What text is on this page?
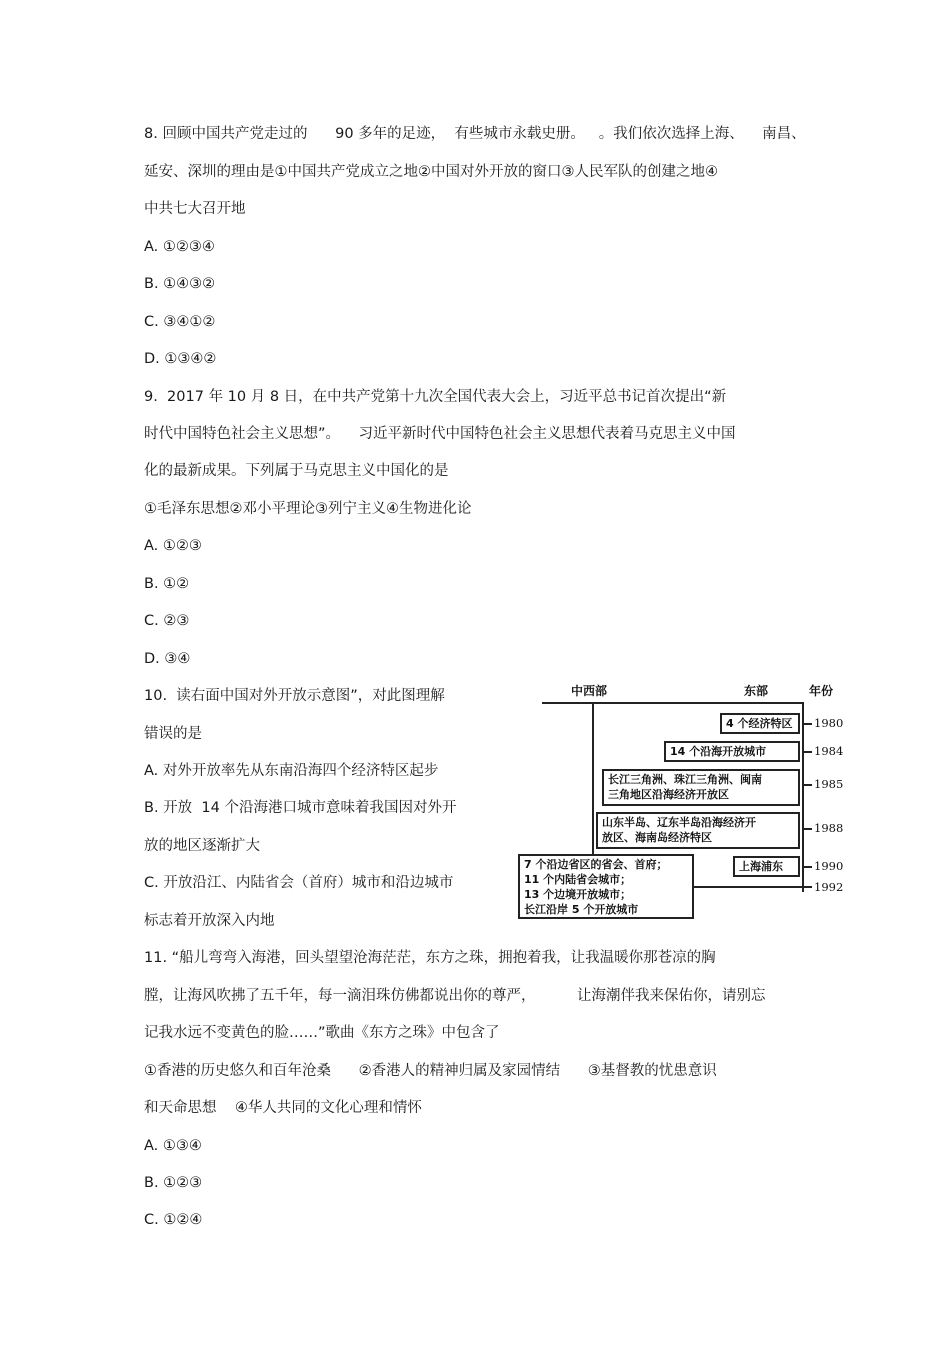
8. 回顾中国共产党走过的      90 多年的足迹，  有些城市永载史册。   。我们依次选择上海、    南昌、
延安、深圳的理由是①中国共产党成立之地②中国对外开放的窗口③人民军队的创建之地④
中共七大召开地
A. ①②③④
B. ①④③②
C. ③④①②
D. ①③④②
9.  2017 年 10 月 8 日，在中共产党第十九次全国代表大会上，习近平总书记首次提出“新
时代中国特色社会主义思想”。    习近平新时代中国特色社会主义思想代表着马克思主义中国
化的最新成果。下列属于马克思主义中国化的是
①毛泽东思想②邓小平理论③列宁主义④生物进化论
A. ①②③
B. ①②
C. ②③
D. ③④
10.  读右面中国对外开放示意图”，对此图理解
错误的是
A. 对外开放率先从东南沿海四个经济特区起步
B. 开放  14 个沿海港口城市意味着我国因对外开
放的地区逐渐扩大
C. 开放沿江、内陆省会（首府）城市和沿边城市
标志着开放深入内地
中西部	东部	年份
4 个经济特区
14 个沿海开放城市
长江三角洲、珠江三角洲、闽南
三角地区沿海经济开放区
山东半岛、辽东半岛沿海经济开
放区、海南岛经济特区
上海浦东
7 个沿边省区的省会、首府；
11 个内陆省会城市；
13 个边境开放城市；
长江沿岸 5 个开放城市
1980
1984
1985
1988
1990
1992
11. “船儿弯弯入海港，回头望望沧海茫茫，东方之珠，拥抱着我，让我温暖你那苍凉的胸
膛，让海风吹拂了五千年，每一滴泪珠仿佛都说出你的尊严，         让海潮伴我来保佑你，请别忘
记我水远不变黄色的脸……”歌曲《东方之珠》中包含了
①香港的历史悠久和百年沧桑      ②香港人的精神归属及家园情结      ③基督教的忧患意识
和天命思想    ④华人共同的文化心理和情怀
A. ①③④
B. ①②③
C. ①②④
